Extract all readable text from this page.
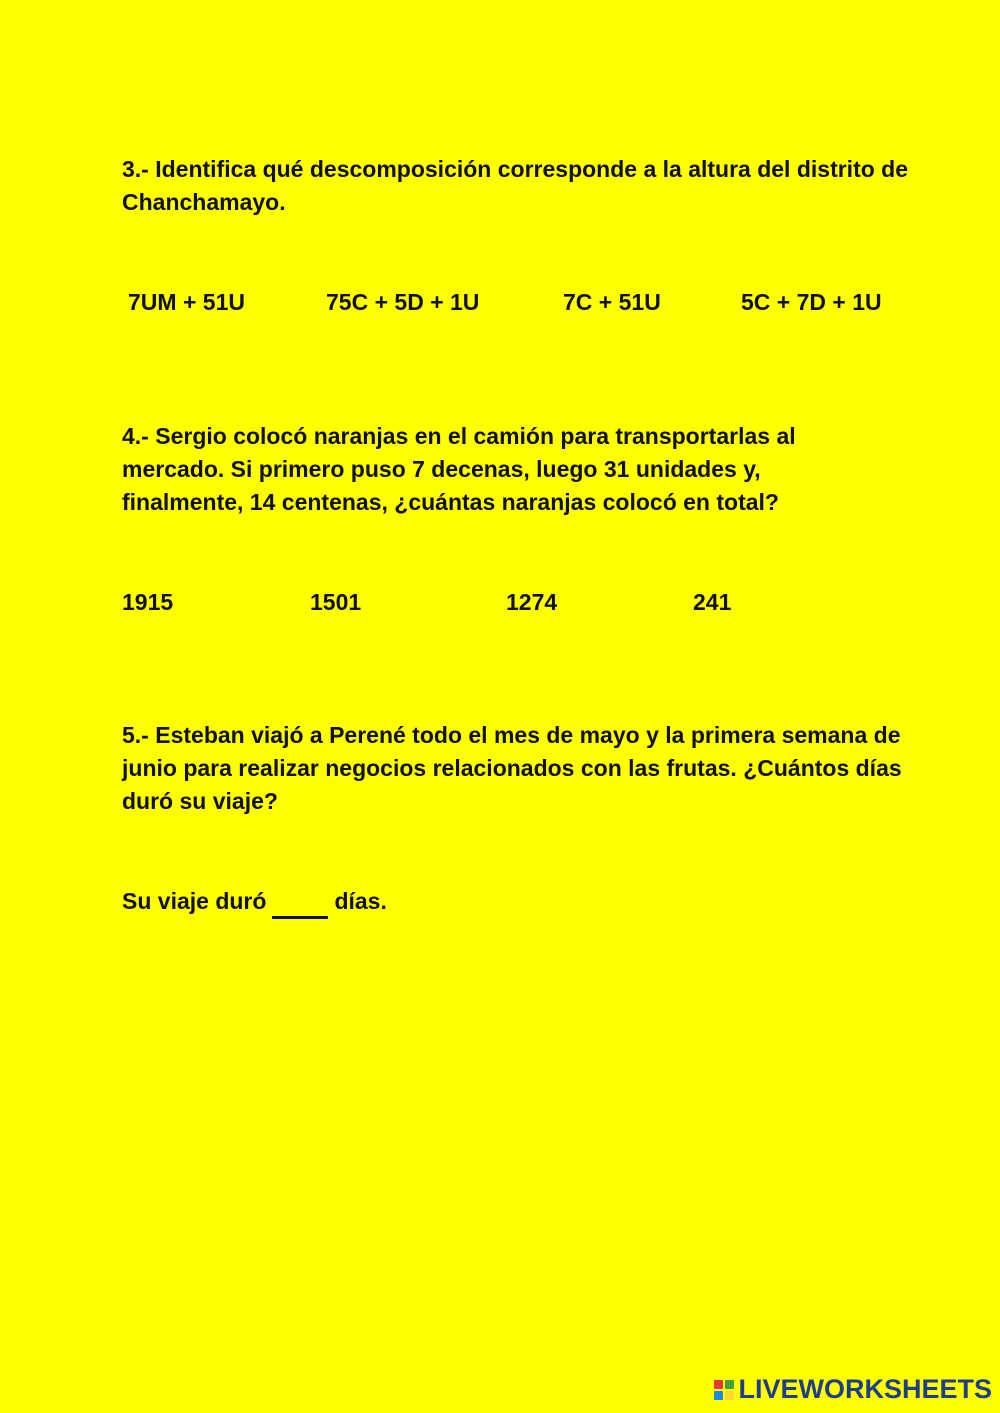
3.- Identifica qué descomposición corresponde a la altura del distrito de Chanchamayo.

7UM + 51U	75C + 5D + 1U	7C + 51U	5C + 7D + 1U

4.- Sergio colocó naranjas en el camión para transportarlas al mercado. Si primero puso 7 decenas, luego 31 unidades y, finalmente, 14 centenas, ¿cuántas naranjas colocó en total?

1915	1501	1274	241

5.- Esteban viajó a Perené todo el mes de mayo y la primera semana de junio para realizar negocios relacionados con las frutas. ¿Cuántos días duró su viaje?

Su viaje duró	días.
LIVEWORKSHEETS
